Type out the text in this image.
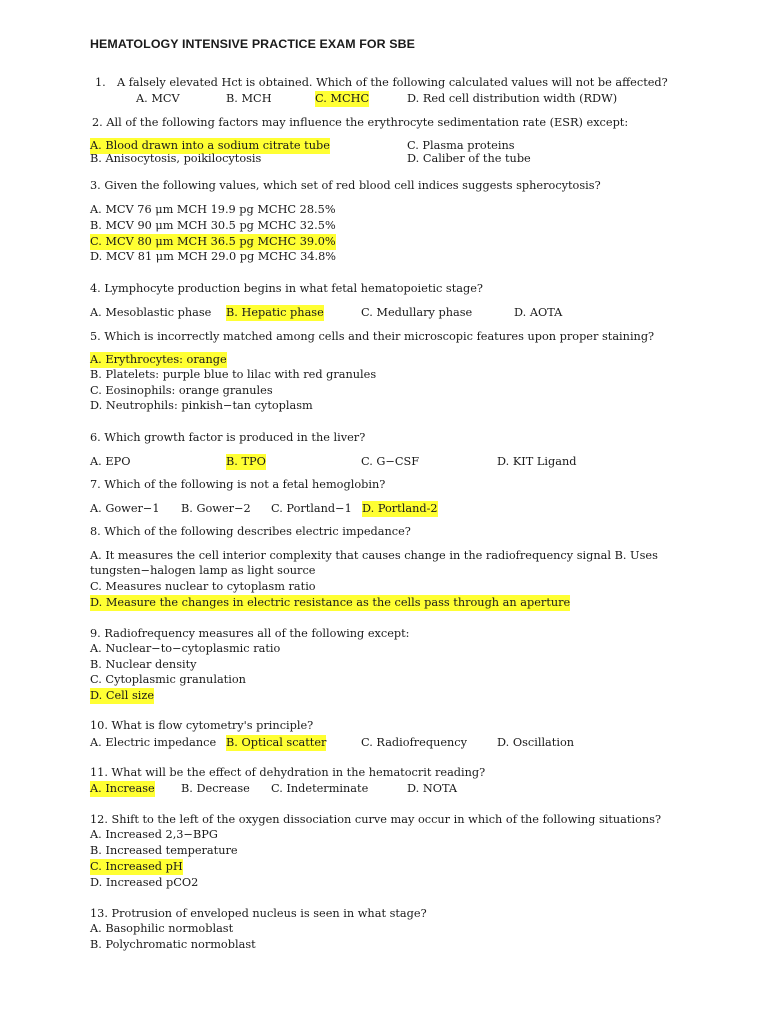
HEMATOLOGY INTENSIVE PRACTICE EXAM FOR SBE
1. A falsely elevated Hct is obtained. Which of the following calculated values will not be affected?
A. MCV	B. MCH	C. MCHC	D. Red cell distribution width (RDW)
2. All of the following factors may influence the erythrocyte sedimentation rate (ESR) except:
A. Blood drawn into a sodium citrate tube
B. Anisocytosis, poikilocytosis
C. Plasma proteins
D. Caliber of the tube
3. Given the following values, which set of red blood cell indices suggests spherocytosis?
A. MCV 76 μm MCH 19.9 pg MCHC 28.5%
B. MCV 90 μm MCH 30.5 pg MCHC 32.5%
C. MCV 80 μm MCH 36.5 pg MCHC 39.0%
D. MCV 81 μm MCH 29.0 pg MCHC 34.8%
4. Lymphocyte production begins in what fetal hematopoietic stage?
A. Mesoblastic phase B. Hepatic phase	C. Medullary phase	D. AOTA
5. Which is incorrectly matched among cells and their microscopic features upon proper staining?
A. Erythrocytes: orange
B. Platelets: purple blue to lilac with red granules
C. Eosinophils: orange granules
D. Neutrophils: pinkish−tan cytoplasm
6. Which growth factor is produced in the liver?
A. EPO	B. TPO	C. G−CSF	D. KIT Ligand
7. Which of the following is not a fetal hemoglobin?
A. Gower−1 B. Gower−2 C. Portland−1 D. Portland-2
8. Which of the following describes electric impedance?
A. It measures the cell interior complexity that causes change in the radiofrequency signal B. Uses
tungsten−halogen lamp as light source
C. Measures nuclear to cytoplasm ratio
D. Measure the changes in electric resistance as the cells pass through an aperture
9. Radiofrequency measures all of the following except:
A. Nuclear−to−cytoplasmic ratio
B. Nuclear density
C. Cytoplasmic granulation
D. Cell size
10. What is flow cytometry's principle?
A. Electric impedance B. Optical scatter	C. Radiofrequency	D. Oscillation
11. What will be the effect of dehydration in the hematocrit reading?
A. Increase B. Decrease C. Indeterminate	D. NOTA
12. Shift to the left of the oxygen dissociation curve may occur in which of the following situations?
A. Increased 2,3−BPG
B. Increased temperature
C. Increased pH
D. Increased pCO2
13. Protrusion of enveloped nucleus is seen in what stage?
A. Basophilic normoblast
B. Polychromatic normoblast
